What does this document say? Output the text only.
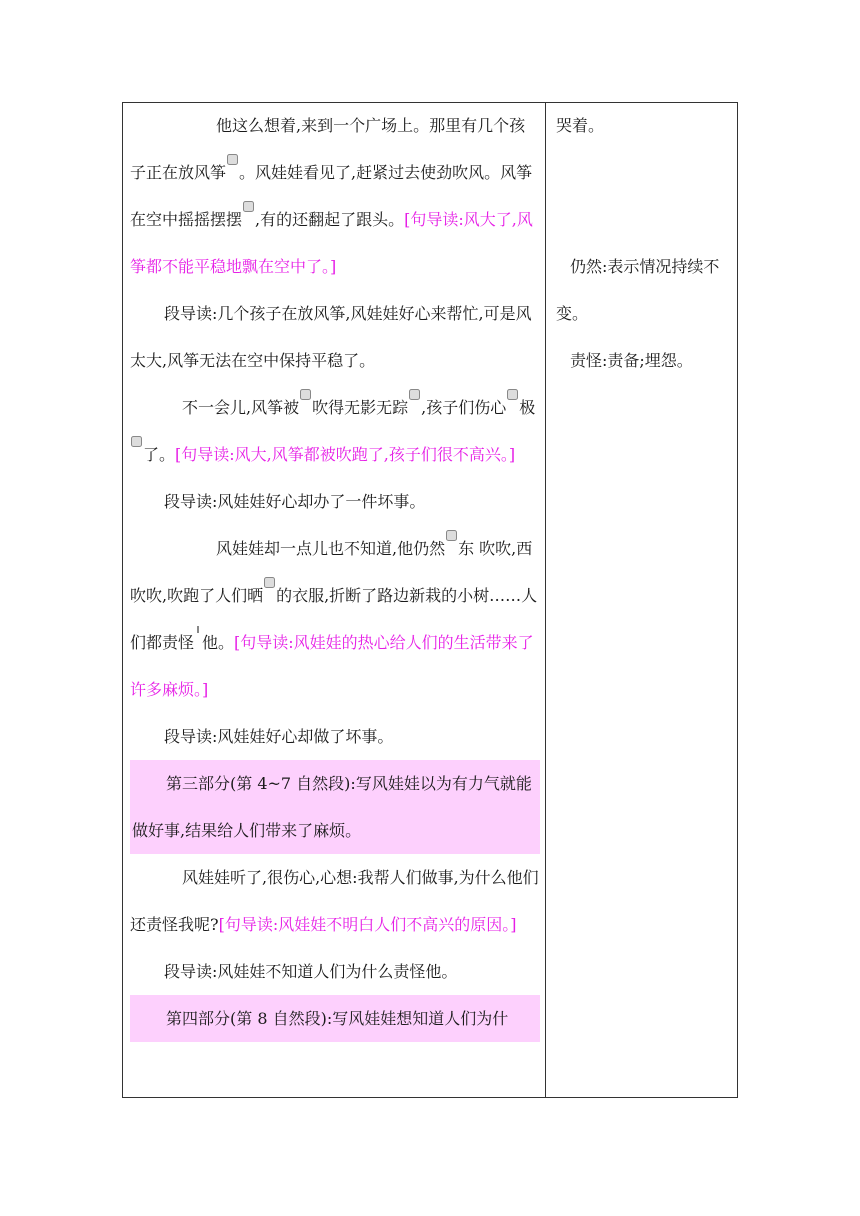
他这么想着,来到一个广场上。那里有几个孩子正在放风筝 。风娃娃看见了,赶紧过去使劲吹风。风筝在空中摇摇摆摆 ,有的还翻起了跟头。[句导读:风大了,风筝都不能平稳地飘在空中了。]

段导读:几个孩子在放风筝,风娃娃好心来帮忙,可是风太大,风筝无法在空中保持平稳了。

不一会儿,风筝被 吹得无影无踪 ,孩子们伤心 极
了。[句导读:风大,风筝都被吹跑了,孩子们很不高兴。]

段导读:风娃娃好心却办了一件坏事。

风娃娃却一点儿也不知道,他仍然 东 吹吹,西吹吹,吹跑了人们晒 的衣服,折断了路边新栽的小树……人们都责怪 他。[句导读:风娃娃的热心给人们的生活带来了许多麻烦。]

段导读:风娃娃好心却做了坏事。

第三部分(第 4~7 自然段):写风娃娃以为有力气就能做好事,结果给人们带来了麻烦。

风娃娃听了,很伤心,心想:我帮人们做事,为什么他们还责怪我呢?[句导读:风娃娃不明白人们不高兴的原因。]

段导读:风娃娃不知道人们为什么责怪他。

第四部分(第 8 自然段):写风娃娃想知道人们为什

哭着。

仍然:表示情况持续不变。

责怪:责备;埋怨。
